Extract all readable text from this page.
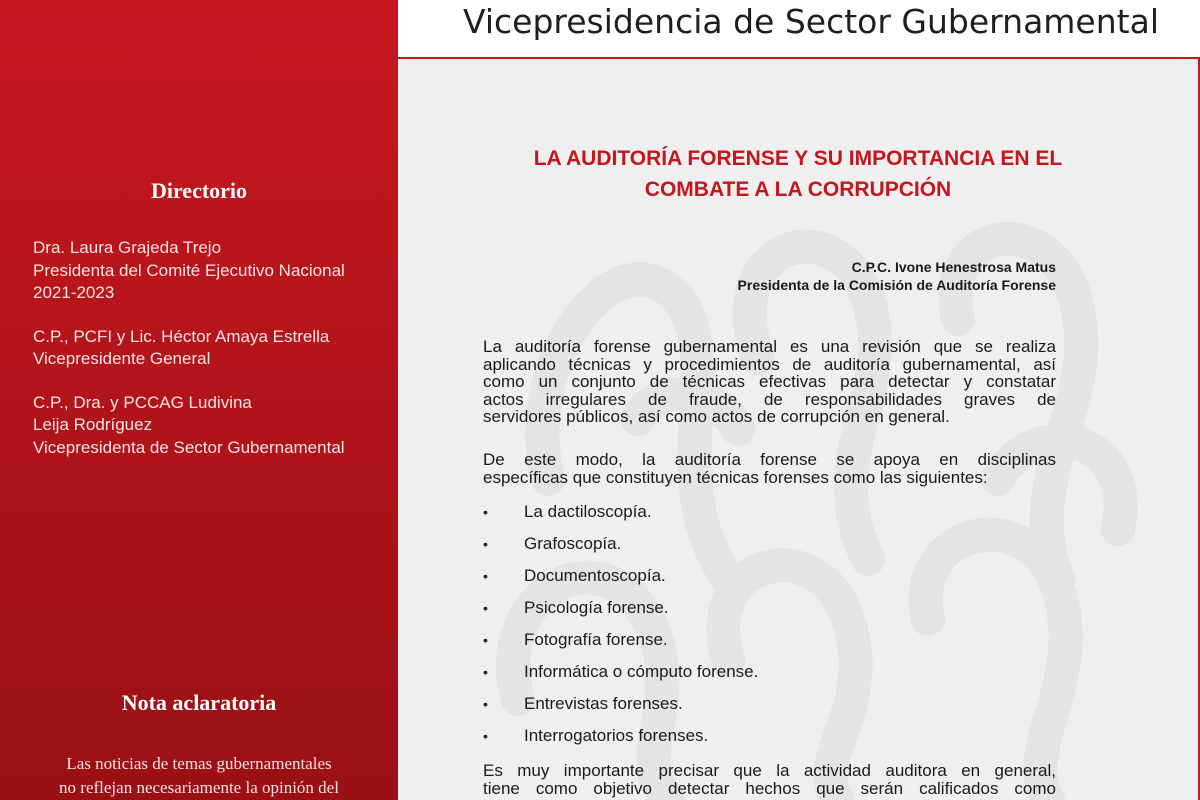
Directorio
Dra. Laura Grajeda Trejo
Presidenta del Comité Ejecutivo Nacional
2021-2023
C.P., PCFI y Lic. Héctor Amaya Estrella
Vicepresidente General
C.P., Dra. y PCCAG Ludivina
Leija Rodríguez
Vicepresidenta de Sector Gubernamental
Nota aclaratoria
Las noticias de temas gubernamentales
no reflejan necesariamente la opinión del
Vicepresidencia de Sector Gubernamental
LA AUDITORÍA FORENSE Y SU IMPORTANCIA EN EL
COMBATE A LA CORRUPCIÓN
C.P.C. Ivone Henestrosa Matus
Presidenta de la Comisión de Auditoría Forense
La auditoría forense gubernamental es una revisión que se realiza
aplicando técnicas y procedimientos de auditoría gubernamental, así
como un conjunto de técnicas efectivas para detectar y constatar
actos irregulares de fraude, de responsabilidades graves de
servidores públicos, así como actos de corrupción en general.
De este modo, la auditoría forense se apoya en disciplinas
específicas que constituyen técnicas forenses como las siguientes:
• La dactiloscopía.
• Grafoscopía.
• Documentoscopía.
• Psicología forense.
• Fotografía forense.
• Informática o cómputo forense.
• Entrevistas forenses.
• Interrogatorios forenses.
Es muy importante precisar que la actividad auditora en general,
tiene como objetivo detectar hechos que serán calificados como
